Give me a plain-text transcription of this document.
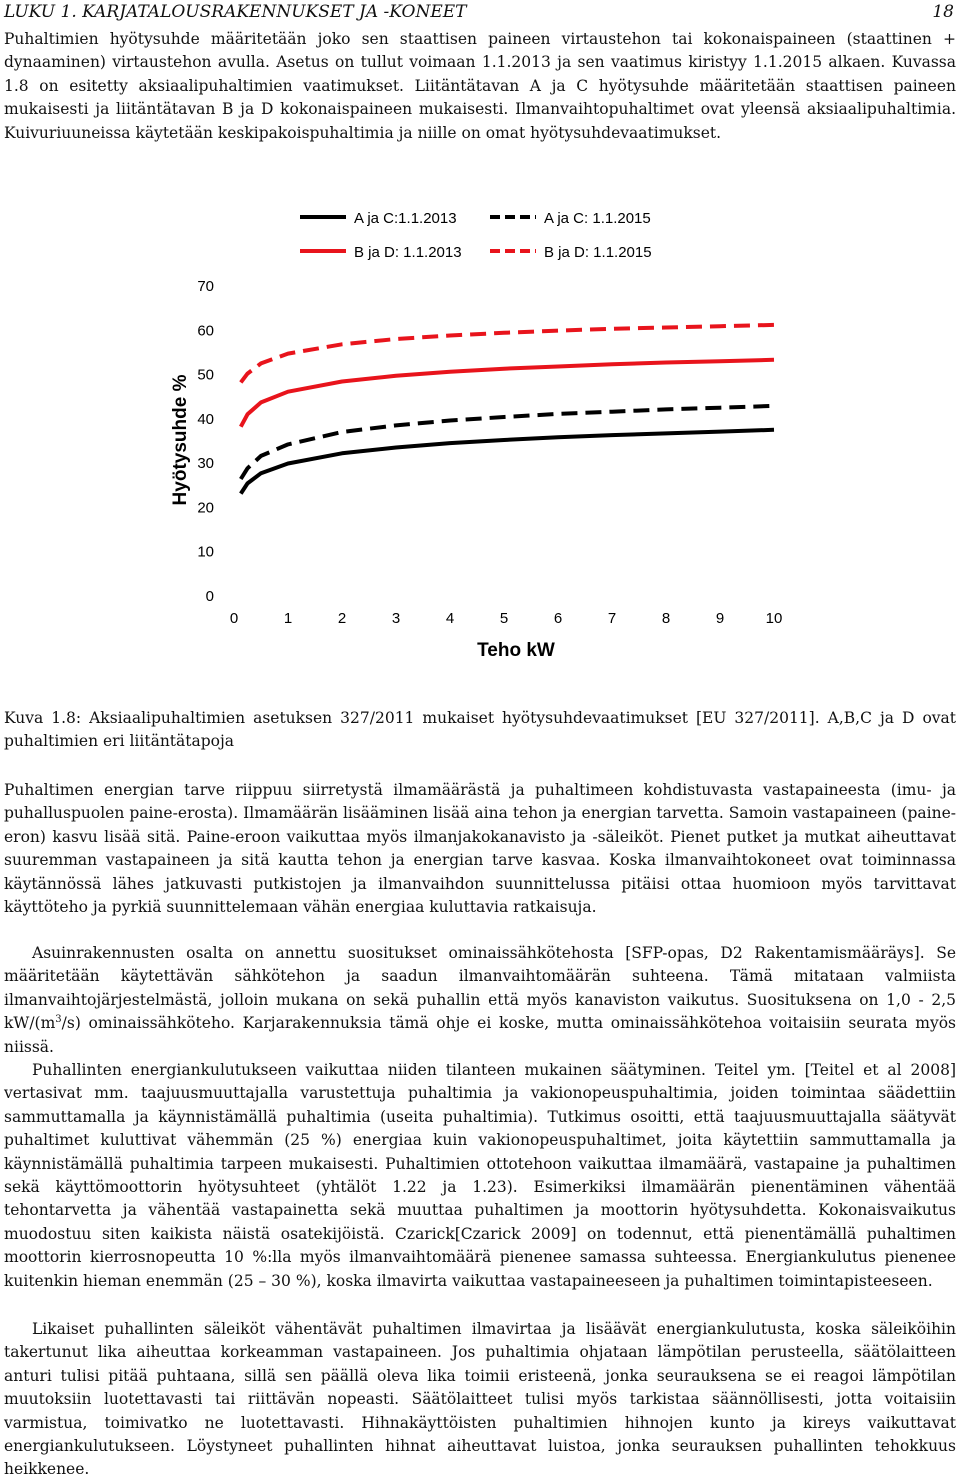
LUKU 1. KARJATALOUSRAKENNUKSET JA -KONEET	18

Puhaltimien hyötysuhde määritetään joko sen staattisen paineen virtaustehon tai kokonaispaineen (staattinen + dynaaminen) virtaustehon avulla. Asetus on tullut voimaan 1.1.2013 ja sen vaatimus kiristyy 1.1.2015 alkaen. Kuvassa 1.8 on esitetty aksiaalipuhaltimien vaatimukset. Liitäntätavan A ja C hyötysuhde määritetään staattisen paineen mukaisesti ja liitäntätavan B ja D kokonaispaineen mukaisesti. Ilmanvaihtopuhaltimet ovat yleensä aksiaalipuhaltimia. Kuivuriuuneissa käytetään keskipakoispuhaltimia ja niille on omat hyötysuhdevaatimukset.

A ja C:1.1.2013	A ja C: 1.1.2015
B ja D: 1.1.2013	B ja D: 1.1.2015
0
10
20
30
40
50
60
70
0	1	2	3	4	5	6	7	8	9	10
Teho kW
Hyötysuhde %

Kuva 1.8: Aksiaalipuhaltimien asetuksen 327/2011 mukaiset hyötysuhdevaatimukset [EU 327/2011]. A,B,C ja D ovat puhaltimien eri liitäntätapoja

Puhaltimen energian tarve riippuu siirretystä ilmamäärästä ja puhaltimeen kohdistuvasta vastapaineesta (imu- ja puhalluspuolen paine-erosta). Ilmamäärän lisääminen lisää aina tehon ja energian tarvetta. Samoin vastapaineen (paine-eron) kasvu lisää sitä. Paine-eroon vaikuttaa myös ilmanjakokanavisto ja -säleiköt. Pienet putket ja mutkat aiheuttavat suuremman vastapaineen ja sitä kautta tehon ja energian tarve kasvaa. Koska ilmanvaihtokoneet ovat toiminnassa käytännössä lähes jatkuvasti putkistojen ja ilmanvaihdon suunnittelussa pitäisi ottaa huomioon myös tarvittavat käyttöteho ja pyrkiä suunnittelemaan vähän energiaa kuluttavia ratkaisuja.

Asuinrakennusten osalta on annettu suositukset ominaissähkötehosta [SFP-opas, D2 Rakentamismääräys]. Se määritetään käytettävän sähkötehon ja saadun ilmanvaihtomäärän suhteena. Tämä mitataan valmiista ilmanvaihtojärjestelmästä, jolloin mukana on sekä puhallin että myös kanaviston vaikutus. Suosituksena on 1,0 - 2,5 $kW/(m^3/s)$ ominaissähköteho. Karjarakennuksia tämä ohje ei koske, mutta ominaissähkötehoa voitaisiin seurata myös niissä.

Puhallinten energiankulutukseen vaikuttaa niiden tilanteen mukainen säätyminen. Teitel ym. [Teitel et al 2008] vertasivat mm. taajuusmuuttajalla varustettuja puhaltimia ja vakionopeuspuhaltimia, joiden toimintaa säädettiin sammuttamalla ja käynnistämällä puhaltimia (useita puhaltimia). Tutkimus osoitti, että taajuusmuuttajalla säätyvät puhaltimet kuluttivat vähemmän (25 %) energiaa kuin vakionopeuspuhaltimet, joita käytettiin sammuttamalla ja käynnistämällä puhaltimia tarpeen mukaisesti. Puhaltimien ottotehoon vaikuttaa ilmamäärä, vastapaine ja puhaltimen sekä käyttömoottorin hyötysuhteet (yhtälöt 1.22 ja 1.23). Esimerkiksi ilmamäärän pienentäminen vähentää tehontarvetta ja vähentää vastapainetta sekä muuttaa puhaltimen ja moottorin hyötysuhdetta. Kokonaisvaikutus muodostuu siten kaikista näistä osatekijöistä. Czarick[Czarick 2009] on todennut, että pienentämällä puhaltimen moottorin kierrosnopeutta 10 %:lla myös ilmanvaihtomäärä pienenee samassa suhteessa. Energiankulutus pienenee kuitenkin hieman enemmän (25 – 30 %), koska ilmavirta vaikuttaa vastapaineeseen ja puhaltimen toimintapisteeseen.

Likaiset puhallinten säleiköt vähentävät puhaltimen ilmavirtaa ja lisäävät energiankulutusta, koska säleiköihin takertunut lika aiheuttaa korkeamman vastapaineen. Jos puhaltimia ohjataan lämpötilan perusteella, säätölaitteen anturi tulisi pitää puhtaana, sillä sen päällä oleva lika toimii eristeenä, jonka seurauksena se ei reagoi lämpötilan muutoksiin luotettavasti tai riittävän nopeasti. Säätölaitteet tulisi myös tarkistaa säännöllisesti, jotta voitaisiin varmistua, toimivatko ne luotettavasti. Hihnakäyttöisten puhaltimien hihnojen kunto ja kireys vaikuttavat energiankulutukseen. Löystyneet puhallinten hihnat aiheuttavat luistoa, jonka seurauksen puhallinten tehokkuus heikkenee.
